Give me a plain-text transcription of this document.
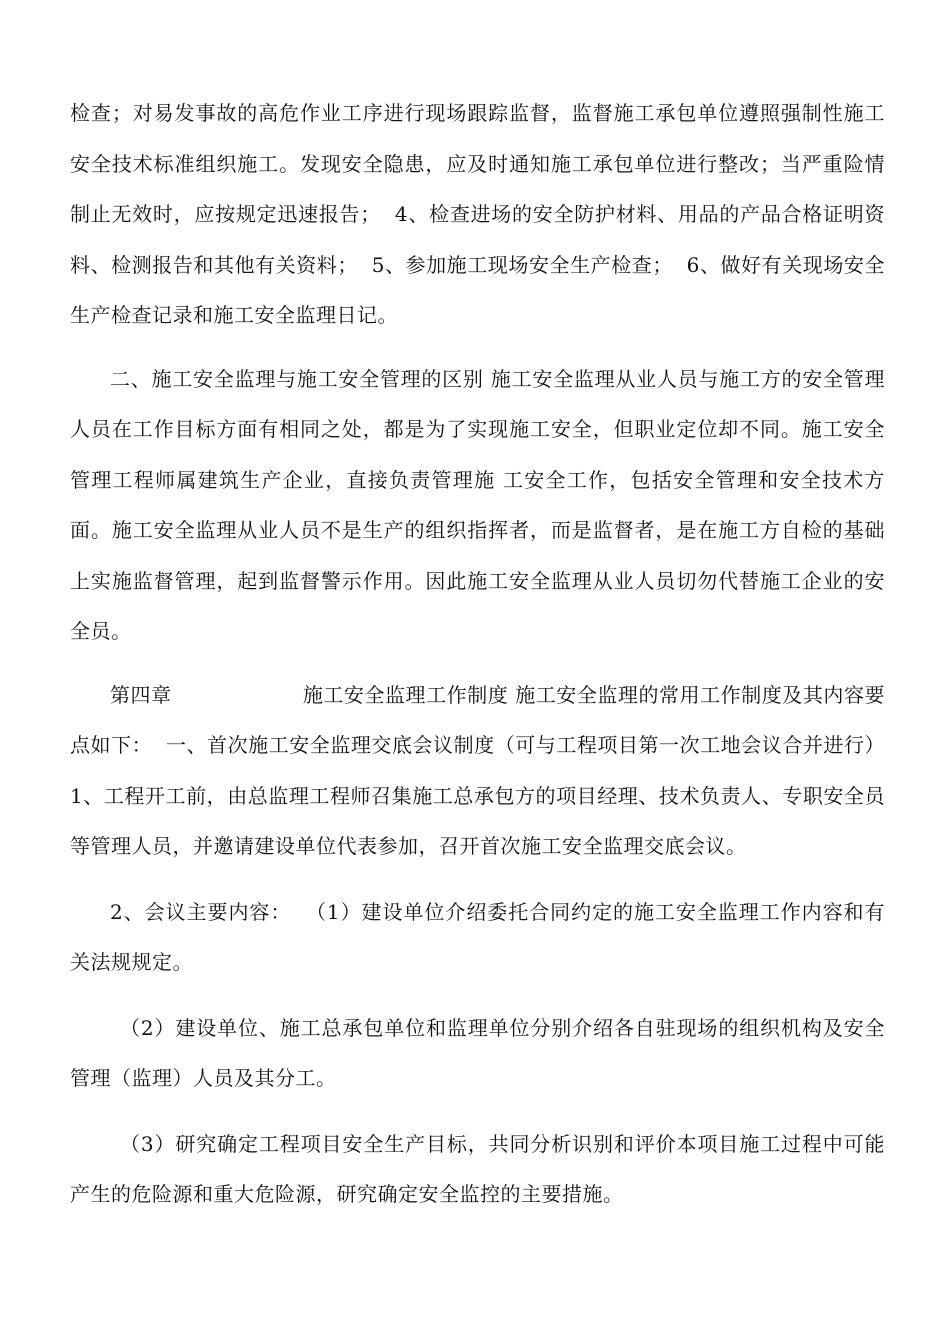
检查；对易发事故的高危作业工序进行现场跟踪监督，监督施工承包单位遵照强制性施工安全技术标准组织施工。发现安全隐患，应及时通知施工承包单位进行整改；当严重险情制止无效时，应按规定迅速报告；  4、检查进场的安全防护材料、用品的产品合格证明资料、检测报告和其他有关资料；  5、参加施工现场安全生产检查；  6、做好有关现场安全生产检查记录和施工安全监理日记。

二、施工安全监理与施工安全管理的区别 施工安全监理从业人员与施工方的安全管理人员在工作目标方面有相同之处，都是为了实现施工安全，但职业定位却不同。施工安全管理工程师属建筑生产企业，直接负责管理施 工安全工作，包括安全管理和安全技术方面。施工安全监理从业人员不是生产的组织指挥者，而是监督者，是在施工方自检的基础上实施监督管理，起到监督警示作用。因此施工安全监理从业人员切勿代替施工企业的安全员。

第四章                   施工安全监理工作制度 施工安全监理的常用工作制度及其内容要点如下：  一、首次施工安全监理交底会议制度（可与工程项目第一次工地会议合并进行） 1、工程开工前，由总监理工程师召集施工总承包方的项目经理、技术负责人、专职安全员等管理人员，并邀请建设单位代表参加，召开首次施工安全监理交底会议。

2、会议主要内容：  （1）建设单位介绍委托合同约定的施工安全监理工作内容和有关法规规定。

（2）建设单位、施工总承包单位和监理单位分别介绍各自驻现场的组织机构及安全管理（监理）人员及其分工。

（3）研究确定工程项目安全生产目标，共同分析识别和评价本项目施工过程中可能产生的危险源和重大危险源，研究确定安全监控的主要措施。
